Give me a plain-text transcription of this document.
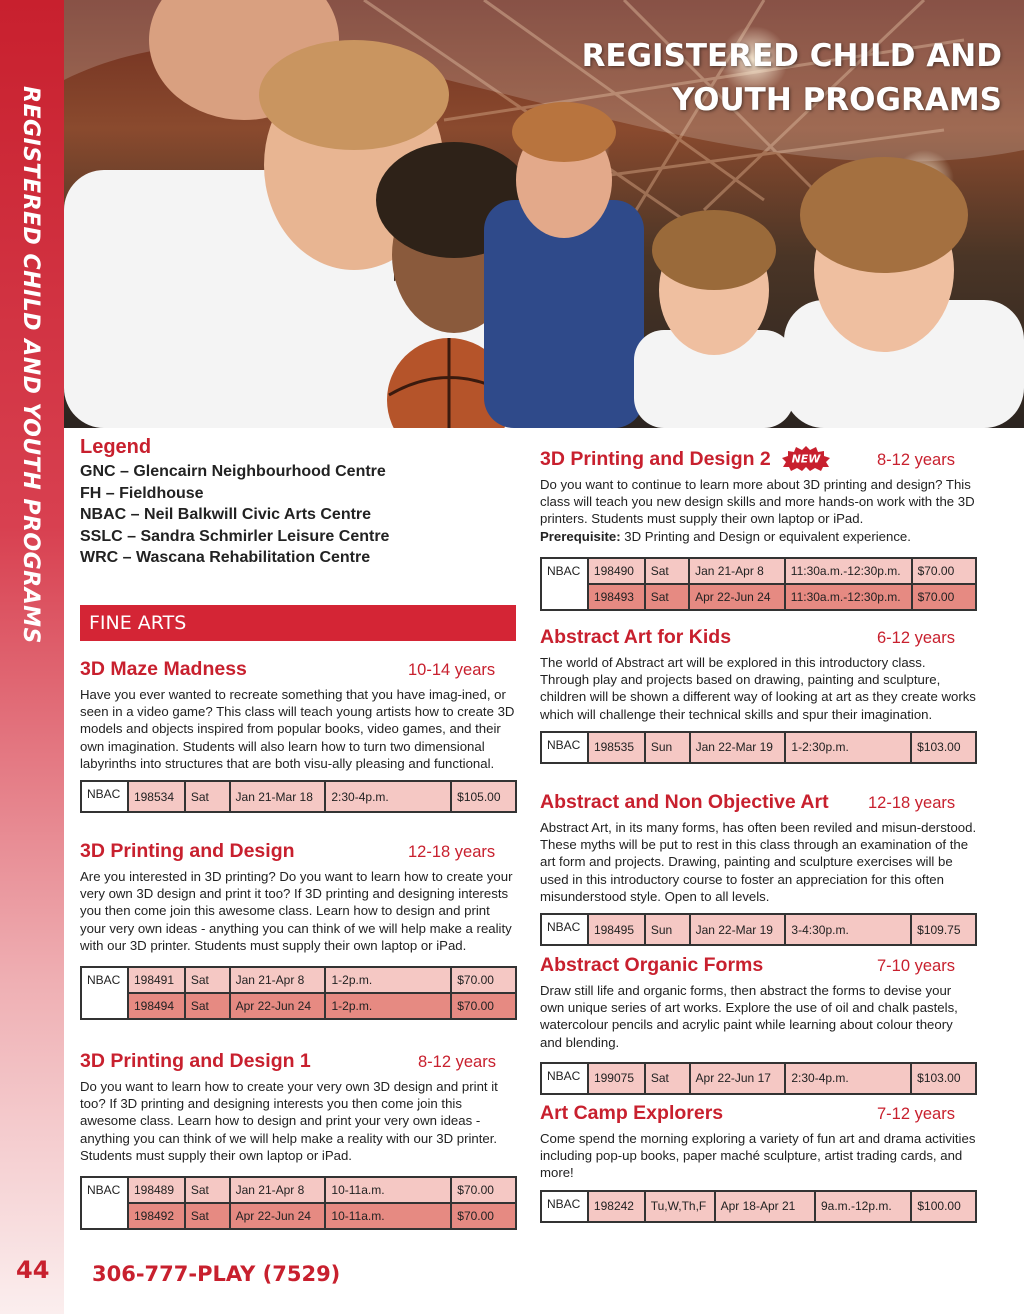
REGISTERED CHILD AND YOUTH PROGRAMS
44
REGISTERED CHILD AND
YOUTH PROGRAMS
Legend
GNC – Glencairn Neighbourhood Centre
FH – Fieldhouse
NBAC – Neil Balkwill Civic Arts Centre
SSLC – Sandra Schmirler Leisure Centre
WRC – Wascana Rehabilitation Centre
FINE ARTS
3D Maze Madness	10-14 years
Have you ever wanted to recreate something that you have imag-ined, or seen in a video game? This class will teach young artists how to create 3D models and objects inspired from popular books, video games, and their own imagination. Students will also learn how to turn two dimensional labyrinths into structures that are both visu-ally pleasing and functional.
NBAC	198534	Sat	Jan 21-Mar 18	2:30-4p.m.	$105.00
3D Printing and Design	12-18 years
Are you interested in 3D printing? Do you want to learn how to create your very own 3D design and print it too? If 3D printing and designing interests you then come join this awesome class. Learn how to design and print your very own ideas - anything you can think of we will help make a reality with our 3D printer. Students must supply their own laptop or iPad.
NBAC	198491	Sat	Jan 21-Apr 8	1-2p.m.	$70.00
	198494	Sat	Apr 22-Jun 24	1-2p.m.	$70.00
3D Printing and Design 1	8-12 years
Do you want to learn how to create your very own 3D design and print it too? If 3D printing and designing interests you then come join this awesome class. Learn how to design and print your very own ideas - anything you can think of we will help make a reality with our 3D printer. Students must supply their own laptop or iPad.
NBAC	198489	Sat	Jan 21-Apr 8	10-11a.m.	$70.00
	198492	Sat	Apr 22-Jun 24	10-11a.m.	$70.00
3D Printing and Design 2 NEW	8-12 years
Do you want to continue to learn more about 3D printing and design? This class will teach you new design skills and more hands-on work with the 3D printers. Students must supply their own laptop or iPad.
Prerequisite: 3D Printing and Design or equivalent experience.
NBAC	198490	Sat	Jan 21-Apr 8	11:30a.m.-12:30p.m.	$70.00
	198493	Sat	Apr 22-Jun 24	11:30a.m.-12:30p.m.	$70.00
Abstract Art for Kids	6-12 years
The world of Abstract art will be explored in this introductory class. Through play and projects based on drawing, painting and sculpture, children will be shown a different way of looking at art as they create works which will challenge their technical skills and spur their imagination.
NBAC	198535	Sun	Jan 22-Mar 19	1-2:30p.m.	$103.00
Abstract and Non Objective Art 12-18 years
Abstract Art, in its many forms, has often been reviled and misun-derstood. These myths will be put to rest in this class through an examination of the art form and projects. Drawing, painting and sculpture exercises will be used in this introductory course to foster an appreciation for this often misunderstood style. Open to all levels.
NBAC	198495	Sun	Jan 22-Mar 19	3-4:30p.m.	$109.75
Abstract Organic Forms	7-10 years
Draw still life and organic forms, then abstract the forms to devise your own unique series of art works. Explore the use of oil and chalk pastels, watercolour pencils and acrylic paint while learning about colour theory and blending.
NBAC	199075	Sat	Apr 22-Jun 17	2:30-4p.m.	$103.00
Art Camp Explorers	7-12 years
Come spend the morning exploring a variety of fun art and drama activities including pop-up books, paper maché sculpture, artist trading cards, and more!
NBAC	198242	Tu,W,Th,F	Apr 18-Apr 21	9a.m.-12p.m.	$100.00
306-777-PLAY (7529)
